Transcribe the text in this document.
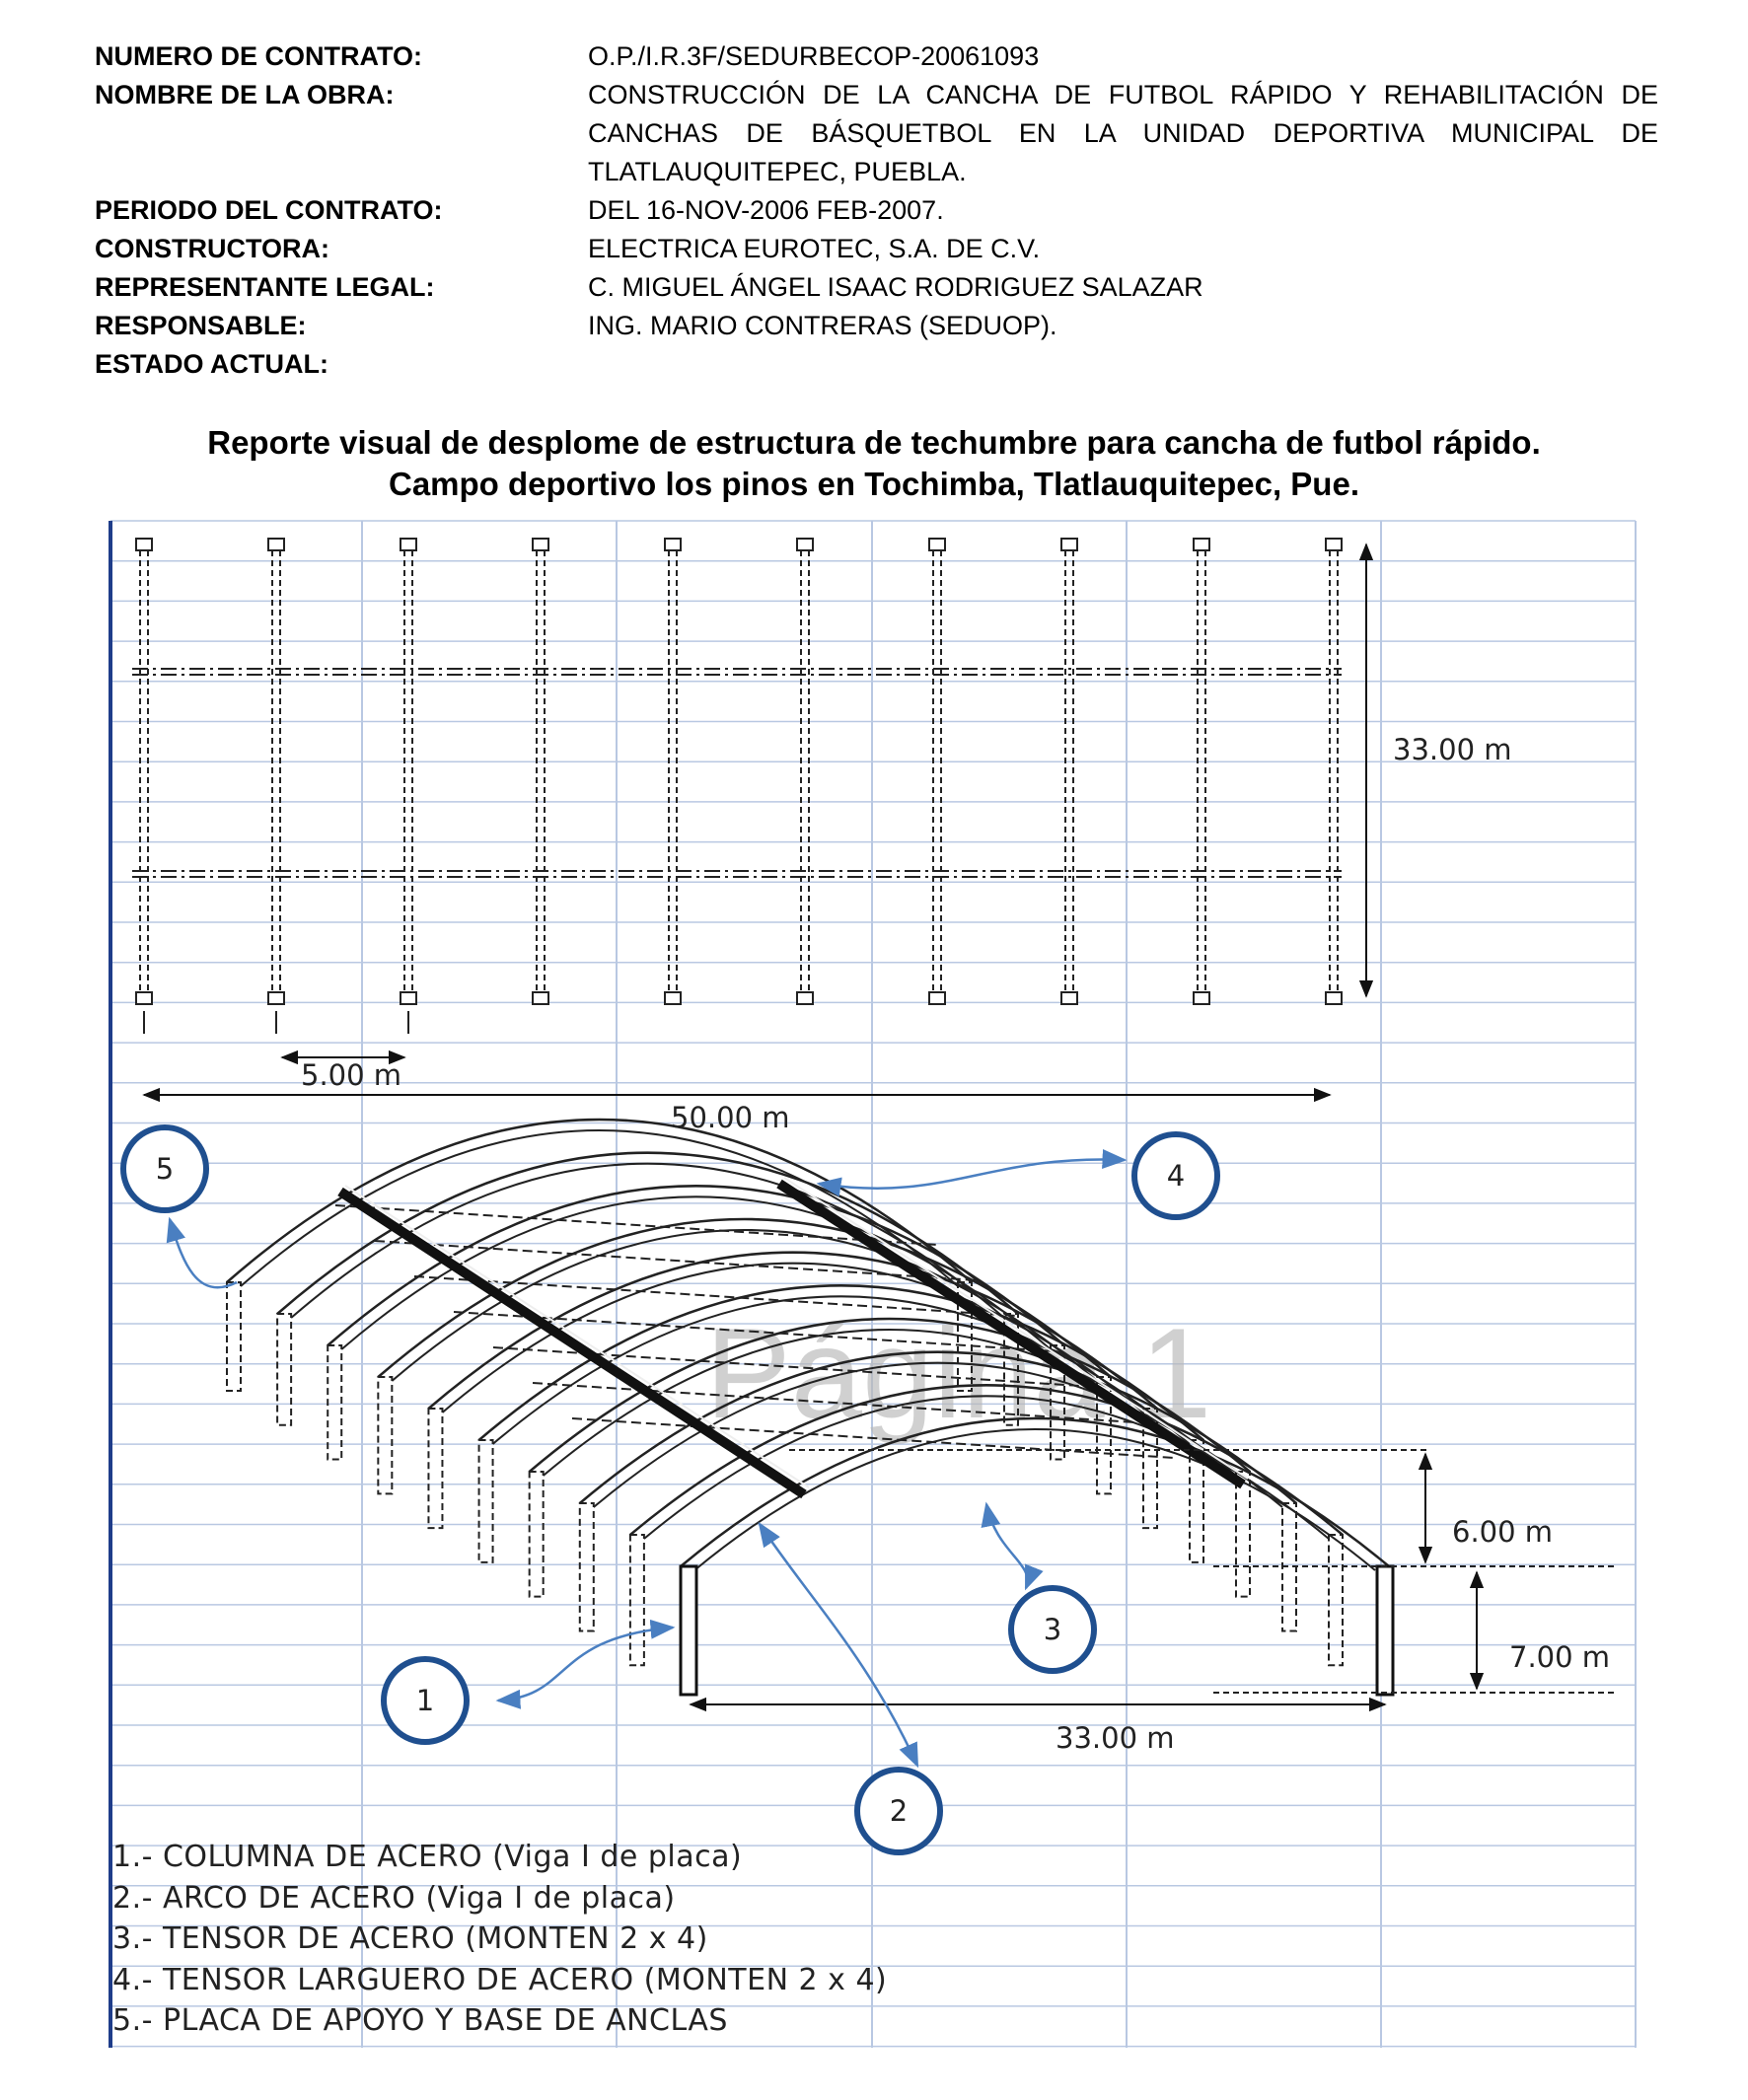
NUMERO DE CONTRATO:	O.P./I.R.3F/SEDURBECOP-20061093
NOMBRE DE LA OBRA:	CONSTRUCCIÓN DE LA CANCHA DE FUTBOL RÁPIDO Y REHABILITACIÓN DE CANCHAS DE BÁSQUETBOL EN LA UNIDAD DEPORTIVA MUNICIPAL DE TLATLAUQUITEPEC, PUEBLA.
PERIODO DEL CONTRATO:	DEL 16-NOV-2006 FEB-2007.
CONSTRUCTORA:	ELECTRICA EUROTEC, S.A. DE C.V.
REPRESENTANTE LEGAL:	C. MIGUEL ÁNGEL ISAAC RODRIGUEZ SALAZAR
RESPONSABLE:	ING. MARIO CONTRERAS (SEDUOP).
ESTADO ACTUAL:
Reporte visual de desplome de estructura de techumbre para cancha de futbol rápido.
Campo deportivo los pinos en Tochimba, Tlatlauquitepec, Pue.
33.00 m
5.00 m
50.00 m
Página 1
6.00 m
7.00 m
33.00 m
1
2
3
4
5
1.- COLUMNA DE ACERO (Viga I de placa)
2.- ARCO DE ACERO (Viga I de placa)
3.- TENSOR DE ACERO (MONTEN 2 x 4)
4.- TENSOR LARGUERO DE ACERO (MONTEN 2 x 4)
5.- PLACA DE APOYO Y BASE DE ANCLAS
